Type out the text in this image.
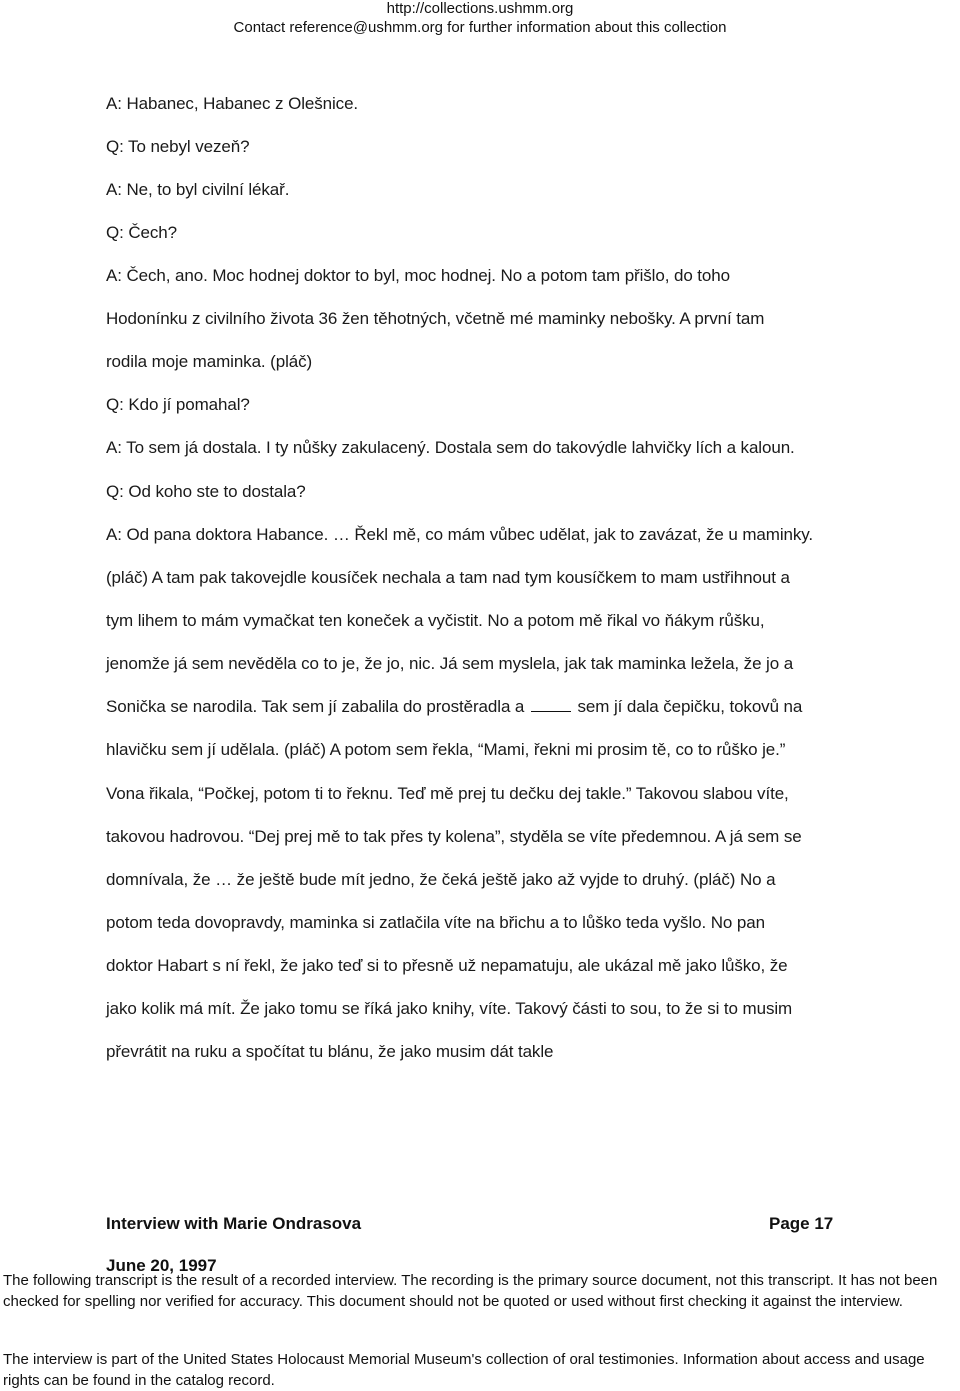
http://collections.ushmm.org
Contact reference@ushmm.org for further information about this collection
A: Habanec, Habanec z Olešnice.
Q: To nebyl vezeň?
A: Ne, to byl civilní lékař.
Q: Čech?
A: Čech, ano. Moc hodnej doktor to byl, moc hodnej. No a potom tam přišlo, do toho
Hodonínku z civilního života 36 žen těhotných, včetně mé maminky nebošky. A první tam
rodila moje maminka. (pláč)
Q: Kdo jí pomahal?
A: To sem já dostala. I ty nůšky zakulacený. Dostala sem do takovýdle lahvičky lích a kaloun.
Q: Od koho ste to dostala?
A: Od pana doktora Habance. … Řekl mě, co mám vůbec udělat, jak to zavázat, že u maminky.
(pláč) A tam pak takovejdle kousíček nechala a tam nad tym kousíčkem to mam ustřihnout a
tym lihem to mám vymačkat ten koneček a vyčistit. No a potom mě řikal vo ňákym růšku,
jenomže já sem nevěděla co to je, že jo, nic. Já sem myslela, jak tak maminka ležela, že jo a
Sonička se narodila. Tak sem jí zabalila do prostěradla a	sem jí dala čepičku, tokovů na
hlavičku sem jí udělala. (pláč) A potom sem řekla, “Mami, řekni mi prosim tě, co to růško je.”
Vona řikala, “Počkej, potom ti to řeknu. Teď mě prej tu dečku dej takle.” Takovou slabou víte,
takovou hadrovou. “Dej prej mě to tak přes ty kolena”, styděla se víte předemnou. A já sem se
domnívala, že … že ještě bude mít jedno, že čeká ještě jako až vyjde to druhý. (pláč) No a
potom teda dovopravdy, maminka si zatlačila víte na břichu a to lůško teda vyšlo. No pan
doktor Habart s ní řekl, že jako teď si to přesně už nepamatuju, ale ukázal mě jako lůško, že
jako kolik má mít. Že jako tomu se říká jako knihy, víte. Takový části to sou, to že si to musim
převrátit na ruku a spočítat tu blánu, že jako musim dát takle
Interview with Marie Ondrasova	Page 17
June 20, 1997
The following transcript is the result of a recorded interview. The recording is the primary source document, not this transcript. It has not been checked for spelling nor verified for accuracy. This document should not be quoted or used without first checking it against the interview.
The interview is part of the United States Holocaust Memorial Museum's collection of oral testimonies. Information about access and usage rights can be found in the catalog record.
